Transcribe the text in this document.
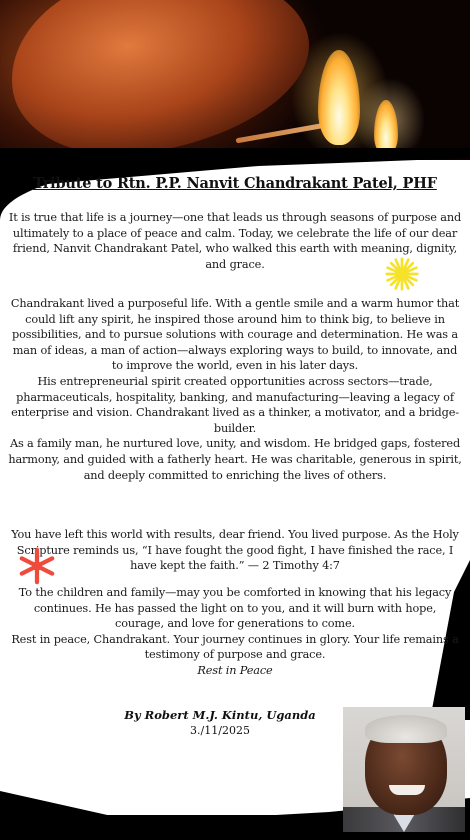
Tribute to Rtn. P.P. Nanvit Chandrakant Patel, PHF
It is true that life is a journey—one that leads us through seasons of purpose and ultimately to a place of peace and calm. Today, we celebrate the life of our dear friend, Nanvit Chandrakant Patel, who walked this earth with meaning, dignity, and grace.
Chandrakant lived a purposeful life. With a gentle smile and a warm humor that could lift any spirit, he inspired those around him to think big, to believe in possibilities, and to pursue solutions with courage and determination. He was a man of ideas, a man of action—always exploring ways to build, to innovate, and to improve the world, even in his later days.
His entrepreneurial spirit created opportunities across sectors—trade, pharmaceuticals, hospitality, banking, and manufacturing—leaving a legacy of enterprise and vision. Chandrakant lived as a thinker, a motivator, and a bridge-builder.
As a family man, he nurtured love, unity, and wisdom. He bridged gaps, fostered harmony, and guided with a fatherly heart. He was charitable, generous in spirit, and deeply committed to enriching the lives of others.
You have left this world with results, dear friend. You lived purpose. As the Holy Scripture reminds us, “I have fought the good fight, I have finished the race, I have kept the faith.” — 2 Timothy 4:7
To the children and family—may you be comforted in knowing that his legacy continues. He has passed the light on to you, and it will burn with hope, courage, and love for generations to come.
Rest in peace, Chandrakant. Your journey continues in glory. Your life remains a testimony of purpose and grace.
Rest in Peace
By Robert M.J. Kintu, Uganda
3./11/2025
